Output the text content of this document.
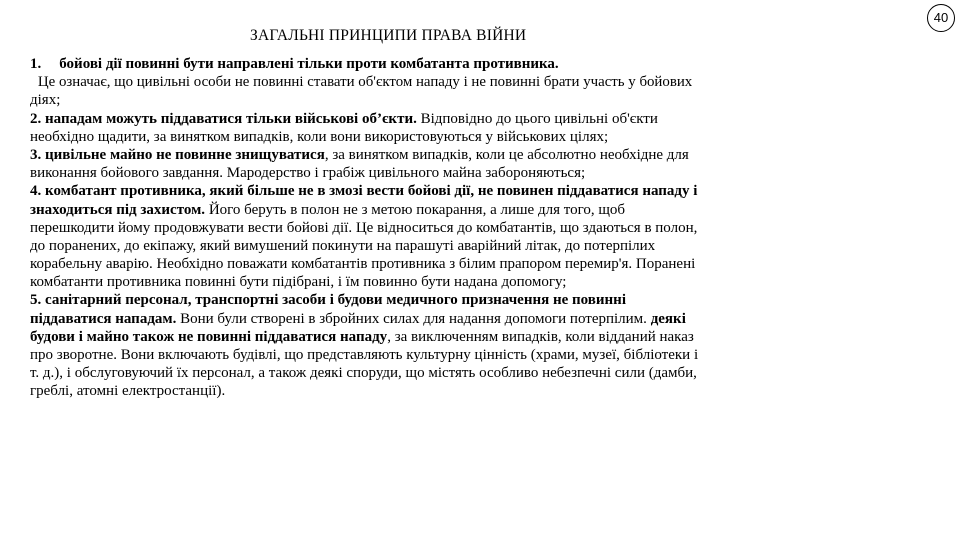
40
ЗАГАЛЬНІ ПРИНЦИПИ ПРАВА ВІЙНИ
1. бойові дії повинні бути направлені тільки проти комбатанта противника.
Це означає, що цивільні особи не повинні ставати об'єктом нападу і не повинні брати участь у бойових
діях;
2. нападам можуть піддаватися тільки військові об’єкти. Відповідно до цього цивільні об'єкти
необхідно щадити, за винятком випадків, коли вони використовуються у військових цілях;
3. цивільне майно не повинне знищуватися, за винятком випадків, коли це абсолютно необхідне для
виконання бойового завдання. Мародерство і грабіж цивільного майна забороняються;
4. комбатант противника, який більше не в змозі вести бойові дії, не повинен піддаватися нападу і
знаходиться під захистом. Його беруть в полон не з метою покарання, а лише для того, щоб
перешкодити йому продовжувати вести бойові дії. Це відноситься до комбатантів, що здаються в полон,
до поранених, до екіпажу, який вимушений покинути на парашуті аварійний літак, до потерпілих
корабельну аварію. Необхідно поважати комбатантів противника з білим прапором перемир'я. Поранені
комбатанти противника повинні бути підібрані, і їм повинно бути надана допомогу;
5. санітарний персонал, транспортні засоби і будови медичного призначення не повинні
піддаватися нападам. Вони були створені в збройних силах для надання допомоги потерпілим. деякі
будови і майно також не повинні піддаватися нападу, за виключенням випадків, коли відданий наказ
про зворотне. Вони включають будівлі, що представляють культурну цінність (храми, музеї, бібліотеки і
т. д.), і обслуговуючий їх персонал, а також деякі споруди, що містять особливо небезпечні сили (дамби,
греблі, атомні електростанції).
